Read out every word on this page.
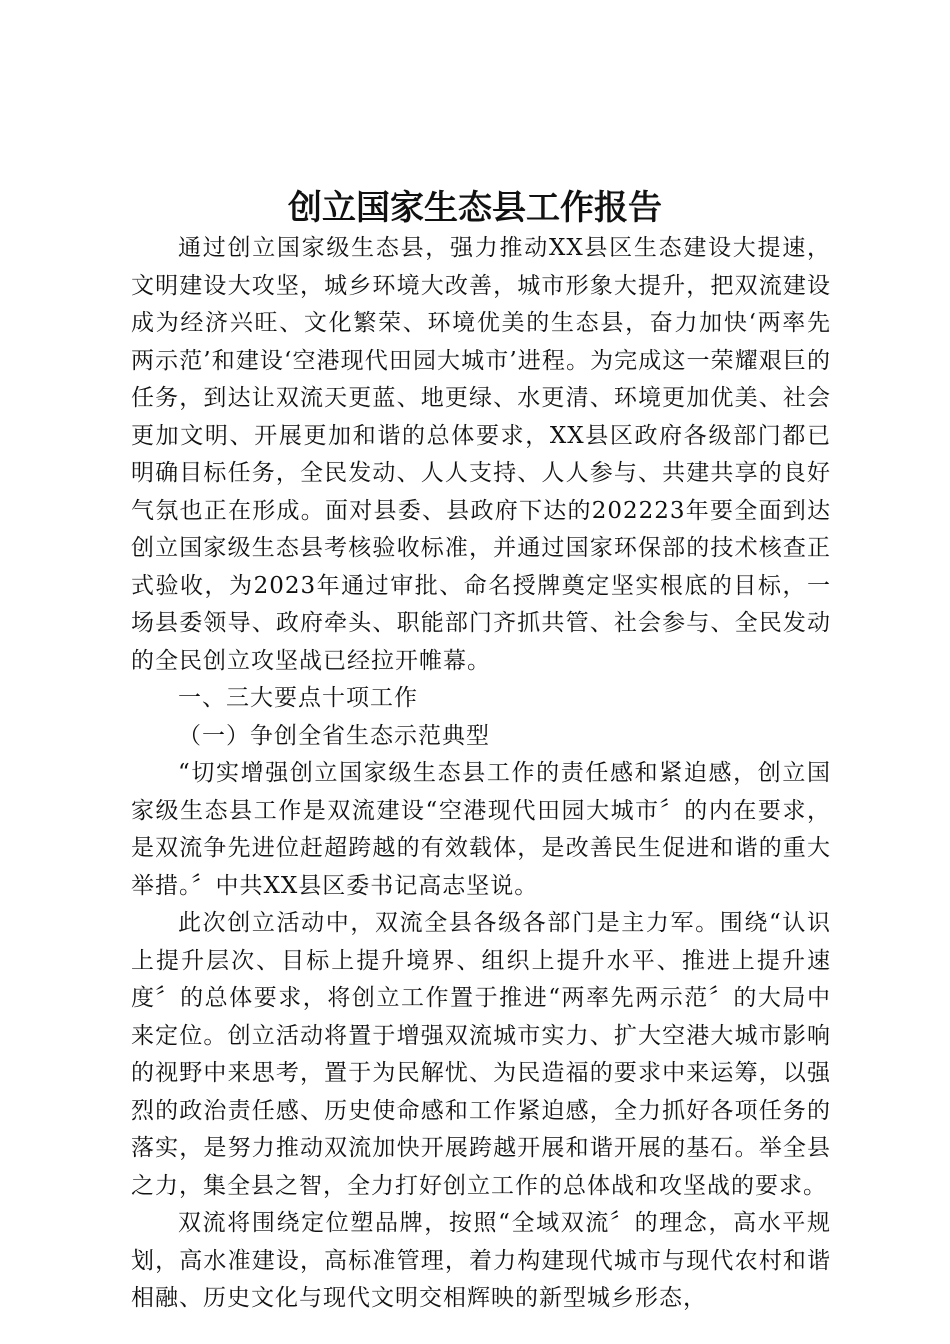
创立国家生态县工作报告

通过创立国家级生态县，强力推动XX县区生态建设大提速，文明建设大攻坚，城乡环境大改善，城市形象大提升，把双流建设成为经济兴旺、文化繁荣、环境优美的生态县，奋力加快‘两率先两示范’和建设‘空港现代田园大城市’进程。为完成这一荣耀艰巨的任务，到达让双流天更蓝、地更绿、水更清、环境更加优美、社会更加文明、开展更加和谐的总体要求，XX县区政府各级部门都已明确目标任务，全民发动、人人支持、人人参与、共建共享的良好气氛也正在形成。面对县委、县政府下达的202223年要全面到达创立国家级生态县考核验收标准，并通过国家环保部的技术核查正式验收，为2023年通过审批、命名授牌奠定坚实根底的目标，一场县委领导、政府牵头、职能部门齐抓共管、社会参与、全民发动的全民创立攻坚战已经拉开帷幕。

一、三大要点十项工作

（一）争创全省生态示范典型

“切实增强创立国家级生态县工作的责任感和紧迫感，创立国家级生态县工作是双流建设“空港现代田园大城市〞的内在要求，是双流争先进位赶超跨越的有效载体，是改善民生促进和谐的重大举措。〞中共XX县区委书记高志坚说。

此次创立活动中，双流全县各级各部门是主力军。围绕“认识上提升层次、目标上提升境界、组织上提升水平、推进上提升速度〞的总体要求，将创立工作置于推进“两率先两示范〞的大局中来定位。创立活动将置于增强双流城市实力、扩大空港大城市影响的视野中来思考，置于为民解忧、为民造福的要求中来运筹，以强烈的政治责任感、历史使命感和工作紧迫感，全力抓好各项任务的落实，是努力推动双流加快开展跨越开展和谐开展的基石。举全县之力，集全县之智，全力打好创立工作的总体战和攻坚战的要求。

双流将围绕定位塑品牌，按照“全域双流〞的理念，高水平规划，高水准建设，高标准管理，着力构建现代城市与现代农村和谐相融、历史文化与现代文明交相辉映的新型城乡形态，
